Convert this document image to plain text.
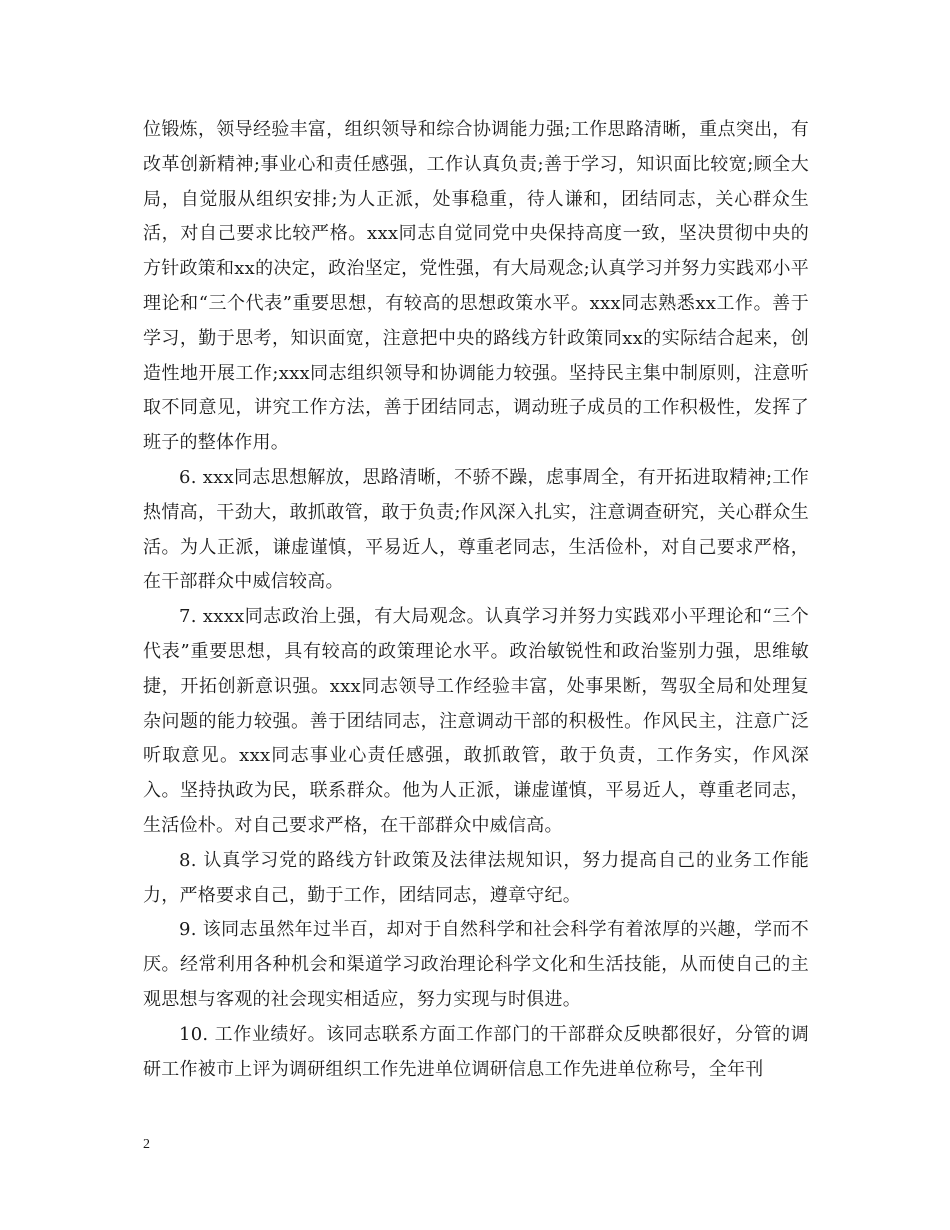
位锻炼，领导经验丰富，组织领导和综合协调能力强;工作思路清晰，重点突出，有改革创新精神;事业心和责任感强，工作认真负责;善于学习，知识面比较宽;顾全大局，自觉服从组织安排;为人正派，处事稳重，待人谦和，团结同志，关心群众生活，对自己要求比较严格。xxx同志自觉同党中央保持高度一致，坚决贯彻中央的方针政策和xx的决定，政治坚定，党性强，有大局观念;认真学习并努力实践邓小平理论和“三个代表”重要思想，有较高的思想政策水平。xxx同志熟悉xx工作。善于学习，勤于思考，知识面宽，注意把中央的路线方针政策同xx的实际结合起来，创造性地开展工作;xxx同志组织领导和协调能力较强。坚持民主集中制原则，注意听取不同意见，讲究工作方法，善于团结同志，调动班子成员的工作积极性，发挥了班子的整体作用。

6. xxx同志思想解放，思路清晰，不骄不躁，虑事周全，有开拓进取精神;工作热情高，干劲大，敢抓敢管，敢于负责;作风深入扎实，注意调查研究，关心群众生活。为人正派，谦虚谨慎，平易近人，尊重老同志，生活俭朴，对自己要求严格，在干部群众中威信较高。

7. xxxx同志政治上强，有大局观念。认真学习并努力实践邓小平理论和“三个代表”重要思想，具有较高的政策理论水平。政治敏锐性和政治鉴别力强，思维敏捷，开拓创新意识强。xxx同志领导工作经验丰富，处事果断，驾驭全局和处理复杂问题的能力较强。善于团结同志，注意调动干部的积极性。作风民主，注意广泛听取意见。xxx同志事业心责任感强，敢抓敢管，敢于负责，工作务实，作风深入。坚持执政为民，联系群众。他为人正派，谦虚谨慎，平易近人，尊重老同志，生活俭朴。对自己要求严格，在干部群众中威信高。

8. 认真学习党的路线方针政策及法律法规知识，努力提高自己的业务工作能力，严格要求自己，勤于工作，团结同志，遵章守纪。

9. 该同志虽然年过半百，却对于自然科学和社会科学有着浓厚的兴趣，学而不厌。经常利用各种机会和渠道学习政治理论科学文化和生活技能，从而使自己的主观思想与客观的社会现实相适应，努力实现与时俱进。

10. 工作业绩好。该同志联系方面工作部门的干部群众反映都很好，分管的调研工作被市上评为调研组织工作先进单位调研信息工作先进单位称号，全年刊

2
